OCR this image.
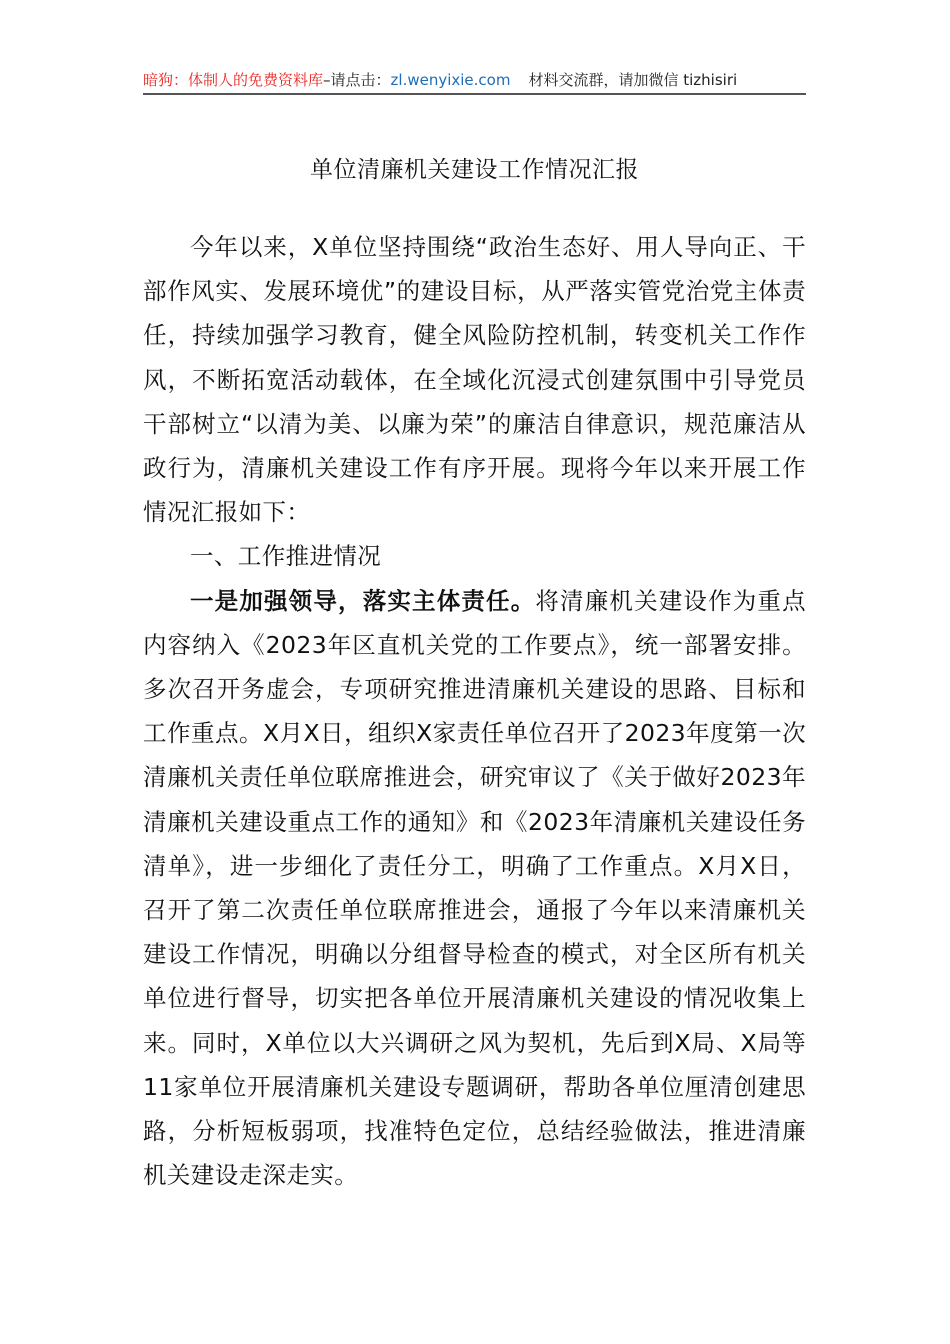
暗狗：体制人的免费资料库 –请点击： zl.wenyixie.com 材料交流群，请加微信 tizhisiri
单位清廉机关建设工作情况汇报

今年以来，X单位坚持围绕“政治生态好、用人导向正、干部作风实、发展环境优”的建设目标，从严落实管党治党主体责任，持续加强学习教育，健全风险防控机制，转变机关工作作风，不断拓宽活动载体，在全域化沉浸式创建氛围中引导党员干部树立“以清为美、以廉为荣”的廉洁自律意识，规范廉洁从政行为，清廉机关建设工作有序开展。现将今年以来开展工作情况汇报如下：

一、工作推进情况

一是加强领导，落实主体责任。将清廉机关建设作为重点内容纳入《2023年区直机关党的工作要点》，统一部署安排。多次召开务虚会，专项研究推进清廉机关建设的思路、目标和工作重点。X月X日，组织X家责任单位召开了2023年度第一次清廉机关责任单位联席推进会，研究审议了《关于做好2023年清廉机关建设重点工作的通知》和《2023年清廉机关建设任务清单》，进一步细化了责任分工，明确了工作重点。X月X日，召开了第二次责任单位联席推进会，通报了今年以来清廉机关建设工作情况，明确以分组督导检查的模式，对全区所有机关单位进行督导，切实把各单位开展清廉机关建设的情况收集上来。同时，X单位以大兴调研之风为契机，先后到X局、X局等11家单位开展清廉机关建设专题调研，帮助各单位厘清创建思路，分析短板弱项，找准特色定位，总结经验做法，推进清廉机关建设走深走实。
